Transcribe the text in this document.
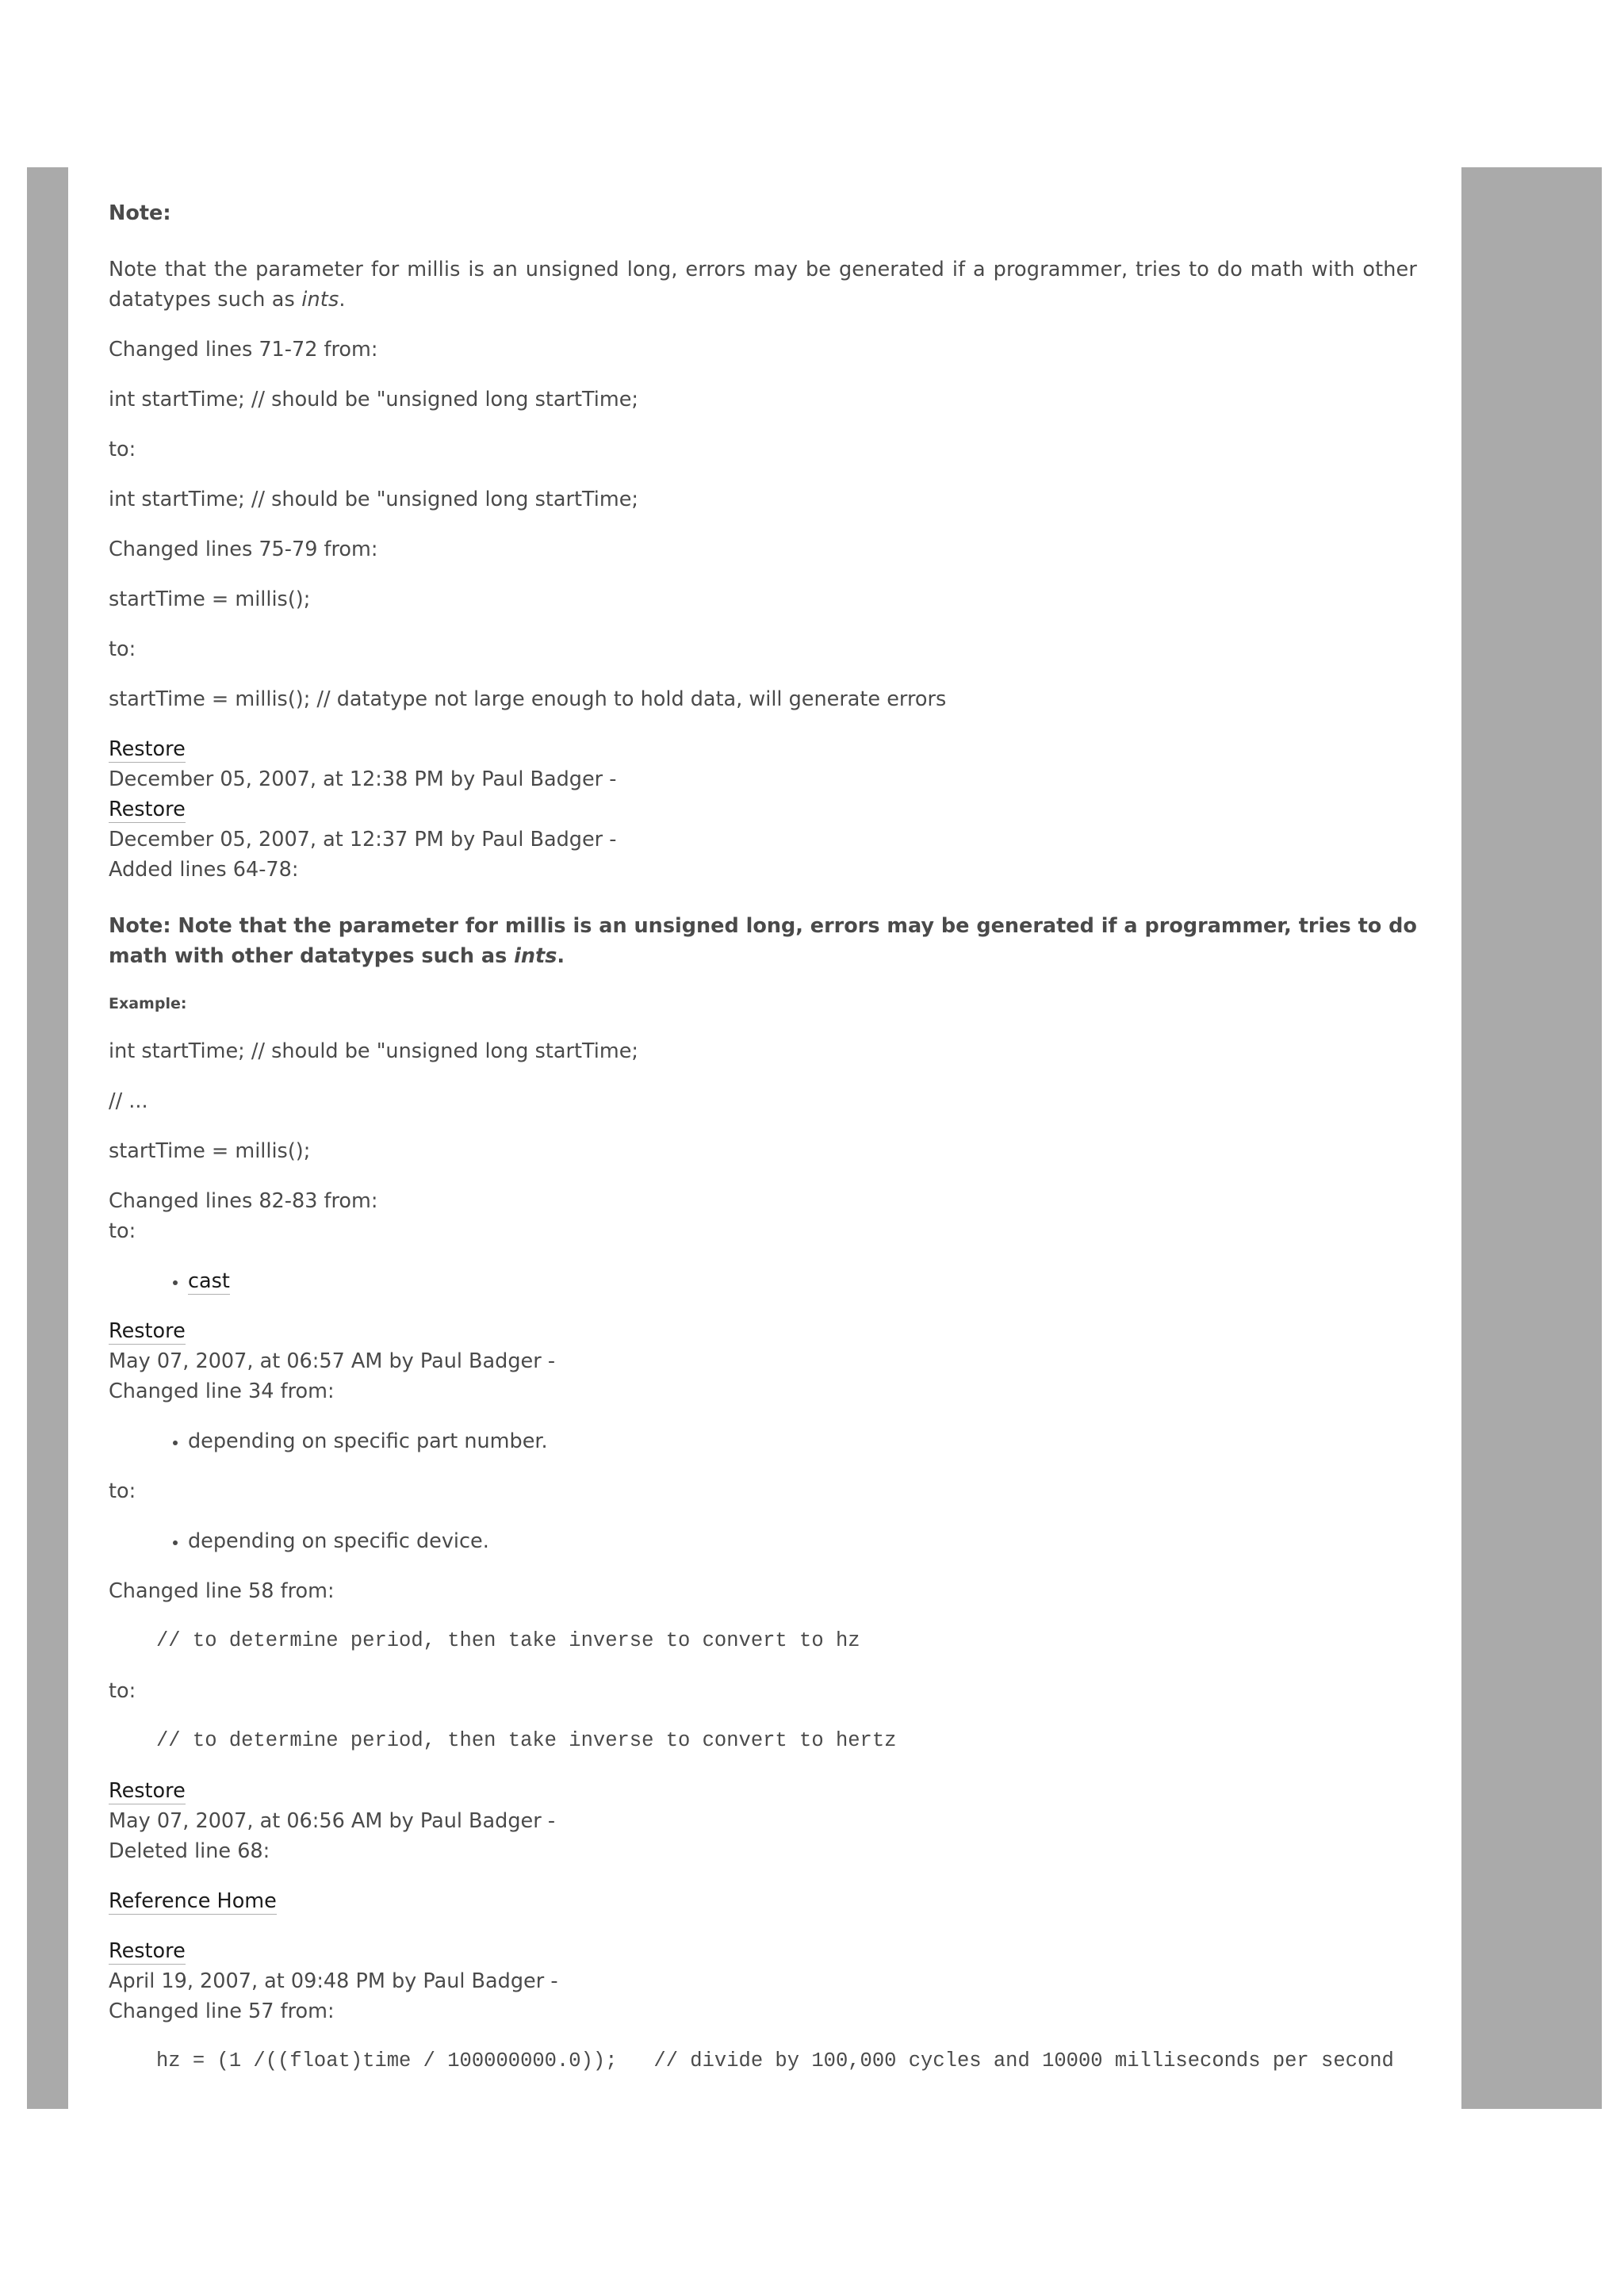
Note:
Note that the parameter for millis is an unsigned long, errors may be generated if a programmer, tries to do math with other datatypes such as ints.
Changed lines 71-72 from:
int startTime; // should be "unsigned long startTime;
to:
int startTime; // should be "unsigned long startTime;
Changed lines 75-79 from:
startTime = millis();
to:
startTime = millis(); // datatype not large enough to hold data, will generate errors
Restore
December 05, 2007, at 12:38 PM by Paul Badger -
Restore
December 05, 2007, at 12:37 PM by Paul Badger -
Added lines 64-78:
Note: Note that the parameter for millis is an unsigned long, errors may be generated if a programmer, tries to do math with other datatypes such as ints.
Example:
int startTime; // should be "unsigned long startTime;
// ...
startTime = millis();
Changed lines 82-83 from:
to:
• cast
Restore
May 07, 2007, at 06:57 AM by Paul Badger -
Changed line 34 from:
• depending on specific part number.
to:
• depending on specific device.
Changed line 58 from:
// to determine period, then take inverse to convert to hz
to:
// to determine period, then take inverse to convert to hertz
Restore
May 07, 2007, at 06:56 AM by Paul Badger -
Deleted line 68:
Reference Home
Restore
April 19, 2007, at 09:48 PM by Paul Badger -
Changed line 57 from:
hz = (1 /((float)time / 100000000.0));   // divide by 100,000 cycles and 10000 milliseconds per second
